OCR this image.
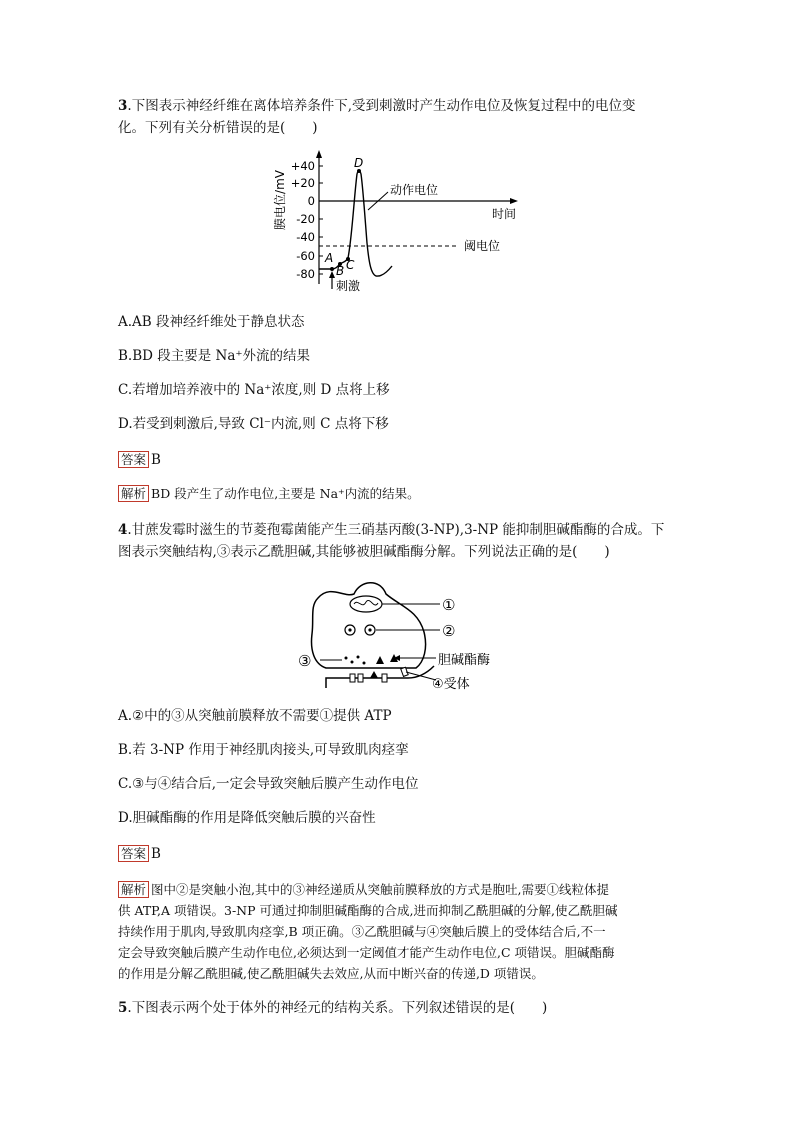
3.下图表示神经纤维在离体培养条件下,受到刺激时产生动作电位及恢复过程中的电位变
化。下列有关分析错误的是(　　)
膜电位/mV
+40
+20
0
-20
-40
-60
-80
时间
阈电位
A
B C
D
动作电位
刺激
A.AB 段神经纤维处于静息状态
B.BD 段主要是 Na⁺外流的结果
C.若增加培养液中的 Na⁺浓度,则 D 点将上移
D.若受到刺激后,导致 Cl⁻内流,则 C 点将下移
答案 B
解析 BD 段产生了动作电位,主要是 Na⁺内流的结果。
4.甘蔗发霉时滋生的节菱孢霉菌能产生三硝基丙酸(3-NP),3-NP 能抑制胆碱酯酶的合成。下
图表示突触结构,③表示乙酰胆碱,其能够被胆碱酯酶分解。下列说法正确的是(　　)
①
②
③	胆碱酯酶
④受体
A.②中的③从突触前膜释放不需要①提供 ATP
B.若 3-NP 作用于神经肌肉接头,可导致肌肉痉挛
C.③与④结合后,一定会导致突触后膜产生动作电位
D.胆碱酯酶的作用是降低突触后膜的兴奋性
答案 B
解析 图中②是突触小泡,其中的③神经递质从突触前膜释放的方式是胞吐,需要①线粒体提
供 ATP,A 项错误。3-NP 可通过抑制胆碱酯酶的合成,进而抑制乙酰胆碱的分解,使乙酰胆碱
持续作用于肌肉,导致肌肉痉挛,B 项正确。③乙酰胆碱与④突触后膜上的受体结合后,不一
定会导致突触后膜产生动作电位,必须达到一定阈值才能产生动作电位,C 项错误。胆碱酯酶
的作用是分解乙酰胆碱,使乙酰胆碱失去效应,从而中断兴奋的传递,D 项错误。
5.下图表示两个处于体外的神经元的结构关系。下列叙述错误的是(　　)
